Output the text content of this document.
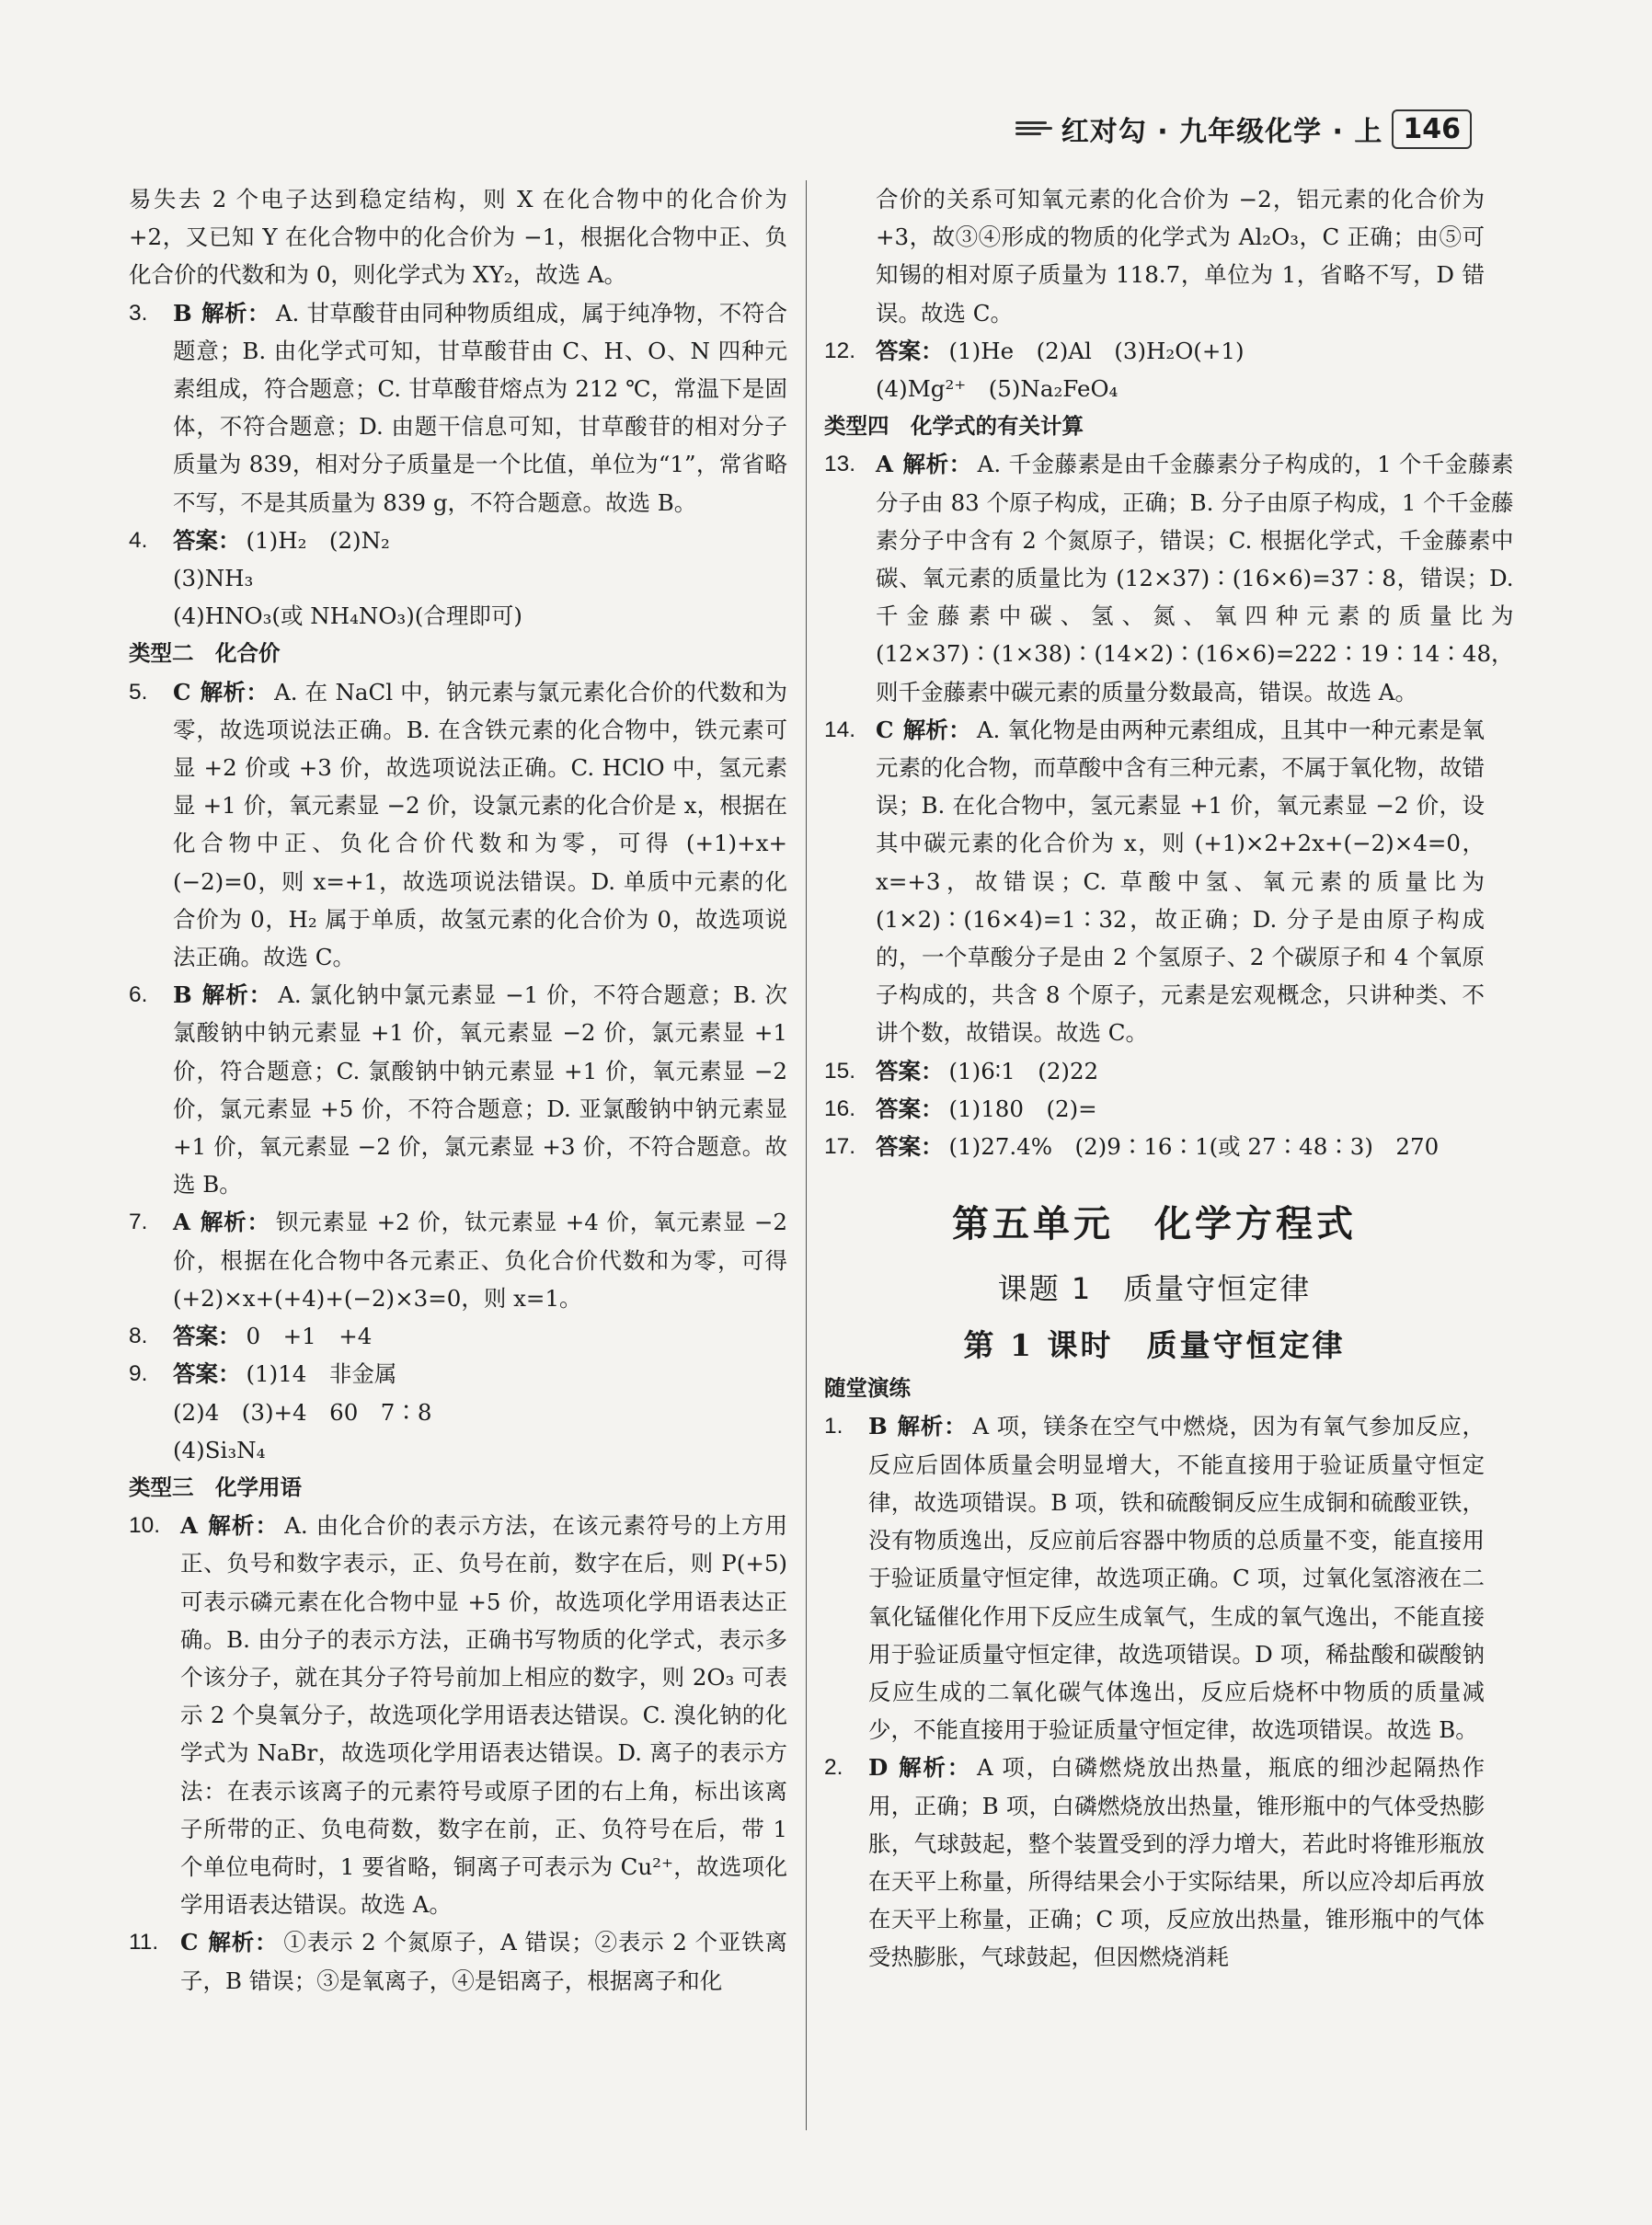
红对勾 · 九年级化学 · 上 146
易失去 2 个电子达到稳定结构，则 X 在化合物中的化合价为 +2，又已知 Y 在化合物中的化合价为 −1，根据化合物中正、负化合价的代数和为 0，则化学式为 XY₂，故选 A。
3.	B 解析： A. 甘草酸苷由同种物质组成，属于纯净物，不符合题意；B. 由化学式可知，甘草酸苷由 C、H、O、N 四种元素组成，符合题意；C. 甘草酸苷熔点为 212 ℃，常温下是固体，不符合题意；D. 由题干信息可知，甘草酸苷的相对分子质量为 839，相对分子质量是一个比值，单位为“1”，常省略不写，不是其质量为 839 g，不符合题意。故选 B。
4.	答案： (1)H₂　(2)N₂
(3)NH₃
(4)HNO₃(或 NH₄NO₃)(合理即可)
类型二　化合价
5.	C 解析： A. 在 NaCl 中，钠元素与氯元素化合价的代数和为零，故选项说法正确。B. 在含铁元素的化合物中，铁元素可显 +2 价或 +3 价，故选项说法正确。C. HClO 中，氢元素显 +1 价，氧元素显 −2 价，设氯元素的化合价是 x，根据在化合物中正、负化合价代数和为零，可得 (+1)+x+(−2)=0，则 x=+1，故选项说法错误。D. 单质中元素的化合价为 0，H₂ 属于单质，故氢元素的化合价为 0，故选项说法正确。故选 C。
6.	B 解析： A. 氯化钠中氯元素显 −1 价，不符合题意；B. 次氯酸钠中钠元素显 +1 价，氧元素显 −2 价，氯元素显 +1 价，符合题意；C. 氯酸钠中钠元素显 +1 价，氧元素显 −2 价，氯元素显 +5 价，不符合题意；D. 亚氯酸钠中钠元素显 +1 价，氧元素显 −2 价，氯元素显 +3 价，不符合题意。故选 B。
7.	A 解析： 钡元素显 +2 价，钛元素显 +4 价，氧元素显 −2 价，根据在化合物中各元素正、负化合价代数和为零，可得 (+2)×x+(+4)+(−2)×3=0，则 x=1。
8.	答案： 0　+1　+4
9.	答案： (1)14　非金属
(2)4　(3)+4　60　7∶8
(4)Si₃N₄
类型三　化学用语
10. A 解析： A. 由化合价的表示方法，在该元素符号的上方用正、负号和数字表示，正、负号在前，数字在后，则 P(+5) 可表示磷元素在化合物中显 +5 价，故选项化学用语表达正确。B. 由分子的表示方法，正确书写物质的化学式，表示多个该分子，就在其分子符号前加上相应的数字，则 2O₃ 可表示 2 个臭氧分子，故选项化学用语表达错误。C. 溴化钠的化学式为 NaBr，故选项化学用语表达错误。D. 离子的表示方法：在表示该离子的元素符号或原子团的右上角，标出该离子所带的正、负电荷数，数字在前，正、负符号在后，带 1 个单位电荷时，1 要省略，铜离子可表示为 Cu²⁺，故选项化学用语表达错误。故选 A。
11. C 解析： ①表示 2 个氮原子，A 错误；②表示 2 个亚铁离子，B 错误；③是氧离子，④是铝离子，根据离子和化
合价的关系可知氧元素的化合价为 −2，铝元素的化合价为 +3，故③④形成的物质的化学式为 Al₂O₃，C 正确；由⑤可知锡的相对原子质量为 118.7，单位为 1，省略不写，D 错误。故选 C。
12. 答案： (1)He　(2)Al　(3)H₂O(+1)
(4)Mg²⁺　(5)Na₂FeO₄
类型四　化学式的有关计算
13. A 解析： A. 千金藤素是由千金藤素分子构成的，1 个千金藤素分子由 83 个原子构成，正确；B. 分子由原子构成，1 个千金藤素分子中含有 2 个氮原子，错误；C. 根据化学式，千金藤素中碳、氧元素的质量比为 (12×37)∶(16×6)=37∶8，错误；D. 千金藤素中碳、氢、氮、氧四种元素的质量比为 (12×37)∶(1×38)∶(14×2)∶(16×6)=222∶19∶14∶48，则千金藤素中碳元素的质量分数最高，错误。故选 A。
14. C 解析： A. 氧化物是由两种元素组成，且其中一种元素是氧元素的化合物，而草酸中含有三种元素，不属于氧化物，故错误；B. 在化合物中，氢元素显 +1 价，氧元素显 −2 价，设其中碳元素的化合价为 x，则 (+1)×2+2x+(−2)×4=0，x=+3，故错误；C. 草酸中氢、氧元素的质量比为 (1×2)∶(16×4)=1∶32，故正确；D. 分子是由原子构成的，一个草酸分子是由 2 个氢原子、2 个碳原子和 4 个氧原子构成的，共含 8 个原子，元素是宏观概念，只讲种类、不讲个数，故错误。故选 C。
15. 答案： (1)6∶1　(2)22
16. 答案： (1)180　(2)=
17. 答案： (1)27.4%　(2)9∶16∶1(或 27∶48∶3)　270
第五单元　化学方程式
课题 1　质量守恒定律
第 1 课时　质量守恒定律
随堂演练
1.	B 解析： A 项，镁条在空气中燃烧，因为有氧气参加反应，反应后固体质量会明显增大，不能直接用于验证质量守恒定律，故选项错误。B 项，铁和硫酸铜反应生成铜和硫酸亚铁，没有物质逸出，反应前后容器中物质的总质量不变，能直接用于验证质量守恒定律，故选项正确。C 项，过氧化氢溶液在二氧化锰催化作用下反应生成氧气，生成的氧气逸出，不能直接用于验证质量守恒定律，故选项错误。D 项，稀盐酸和碳酸钠反应生成的二氧化碳气体逸出，反应后烧杯中物质的质量减少，不能直接用于验证质量守恒定律，故选项错误。故选 B。
2.	D 解析： A 项，白磷燃烧放出热量，瓶底的细沙起隔热作用，正确；B 项，白磷燃烧放出热量，锥形瓶中的气体受热膨胀，气球鼓起，整个装置受到的浮力增大，若此时将锥形瓶放在天平上称量，所得结果会小于实际结果，所以应冷却后再放在天平上称量，正确；C 项，反应放出热量，锥形瓶中的气体受热膨胀，气球鼓起，但因燃烧消耗
